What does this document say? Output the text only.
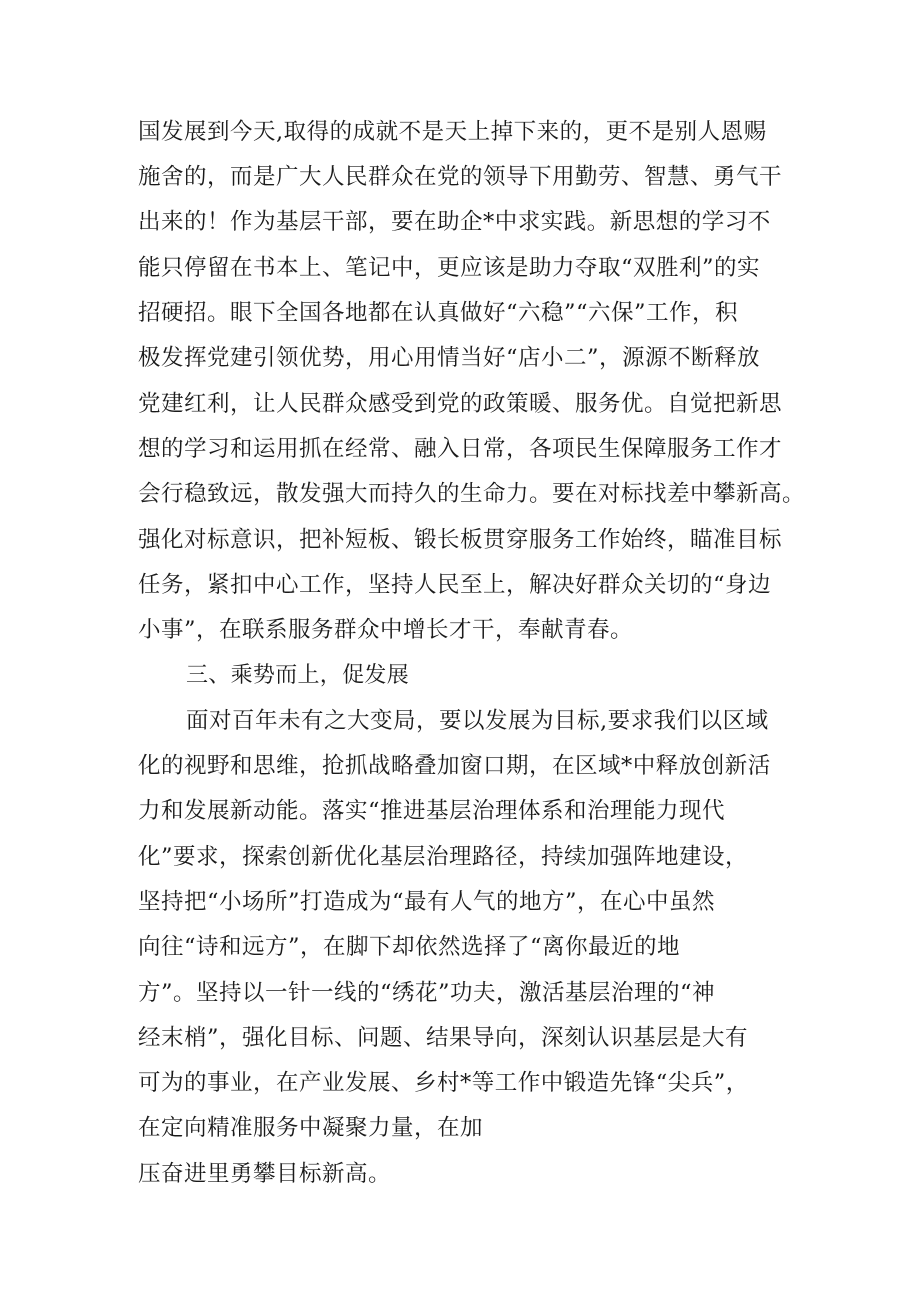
国发展到今天,取得的成就不是天上掉下来的，更不是别人恩赐
施舍的，而是广大人民群众在党的领导下用勤劳、智慧、勇气干
出来的！作为基层干部，要在助企*中求实践。新思想的学习不
能只停留在书本上、笔记中，更应该是助力夺取“双胜利”的实
招硬招。眼下全国各地都在认真做好“六稳”“六保”工作，积
极发挥党建引领优势，用心用情当好“店小二”，源源不断释放
党建红利，让人民群众感受到党的政策暖、服务优。自觉把新思
想的学习和运用抓在经常、融入日常，各项民生保障服务工作才
会行稳致远，散发强大而持久的生命力。要在对标找差中攀新高。
强化对标意识，把补短板、锻长板贯穿服务工作始终，瞄准目标
任务，紧扣中心工作，坚持人民至上，解决好群众关切的“身边
小事”，在联系服务群众中增长才干，奉献青春。
三、乘势而上，促发展
面对百年未有之大变局，要以发展为目标,要求我们以区域
化的视野和思维，抢抓战略叠加窗口期，在区域*中释放创新活
力和发展新动能。落实“推进基层治理体系和治理能力现代
化”要求，探索创新优化基层治理路径，持续加强阵地建设，
坚持把“小场所”打造成为“最有人气的地方”，在心中虽然
向往“诗和远方”，在脚下却依然选择了“离你最近的地
方”。坚持以一针一线的“绣花”功夫，激活基层治理的“神
经末梢”，强化目标、问题、结果导向，深刻认识基层是大有
可为的事业，在产业发展、乡村*等工作中锻造先锋“尖兵”，
在定向精准服务中凝聚力量，在加
压奋进里勇攀目标新高。
